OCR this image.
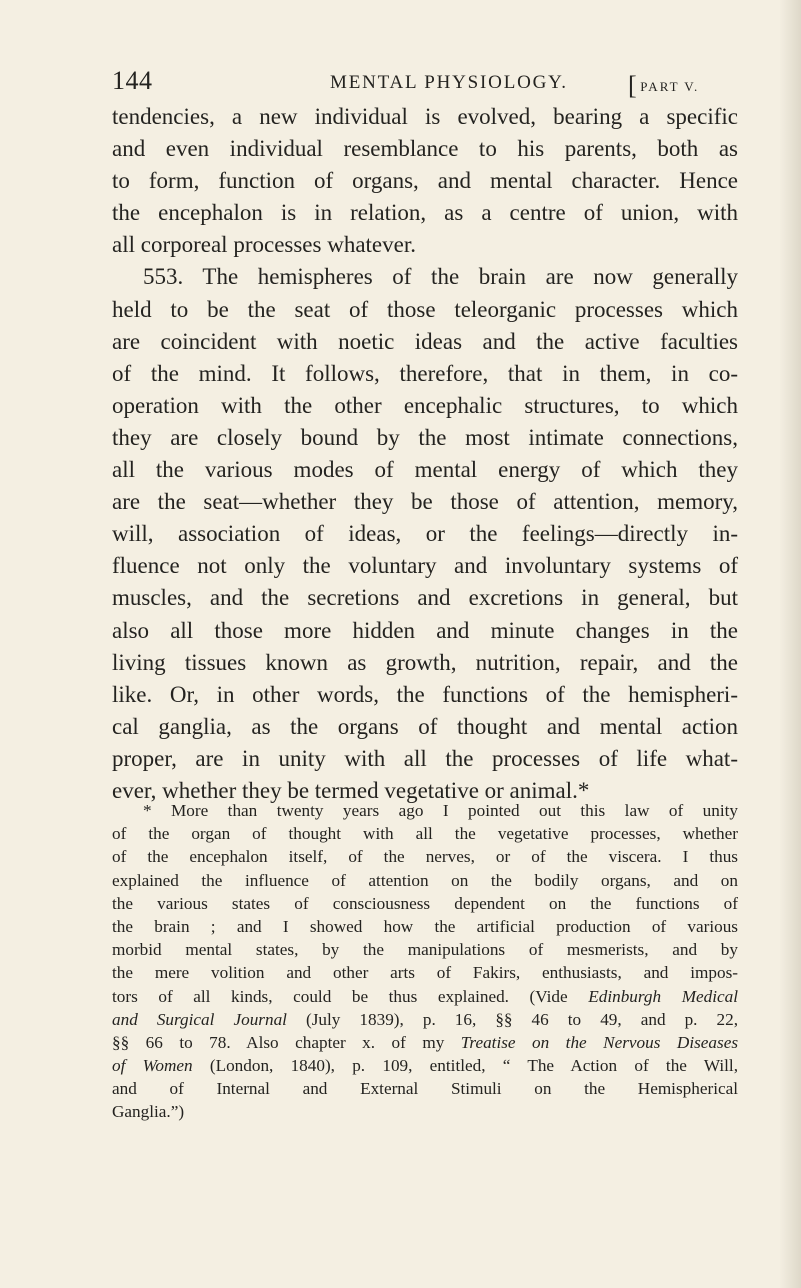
144	MENTAL PHYSIOLOGY. [ PART V.
tendencies, a new individual is evolved, bearing a specific
and even individual resemblance to his parents, both as
to form, function of organs, and mental character. Hence
the encephalon is in relation, as a centre of union, with
all corporeal processes whatever.
553. The hemispheres of the brain are now generally
held to be the seat of those teleorganic processes which
are coincident with noetic ideas and the active faculties
of the mind. It follows, therefore, that in them, in co-
operation with the other encephalic structures, to which
they are closely bound by the most intimate connections,
all the various modes of mental energy of which they
are the seat—whether they be those of attention, memory,
will, association of ideas, or the feelings—directly in-
fluence not only the voluntary and involuntary systems of
muscles, and the secretions and excretions in general, but
also all those more hidden and minute changes in the
living tissues known as growth, nutrition, repair, and the
like. Or, in other words, the functions of the hemispheri-
cal ganglia, as the organs of thought and mental action
proper, are in unity with all the processes of life what-
ever, whether they be termed vegetative or animal.*
* More than twenty years ago I pointed out this law of unity
of the organ of thought with all the vegetative processes, whether
of the encephalon itself, of the nerves, or of the viscera. I thus
explained the influence of attention on the bodily organs, and on
the various states of consciousness dependent on the functions of
the brain ; and I showed how the artificial production of various
morbid mental states, by the manipulations of mesmerists, and by
the mere volition and other arts of Fakirs, enthusiasts, and impos-
tors of all kinds, could be thus explained. (Vide Edinburgh Medical
and Surgical Journal (July 1839), p. 16, §§ 46 to 49, and p. 22,
§§ 66 to 78. Also chapter x. of my Treatise on the Nervous Diseases
of Women (London, 1840), p. 109, entitled, “ The Action of the Will,
and of Internal and External Stimuli on the Hemispherical
Ganglia.”)
